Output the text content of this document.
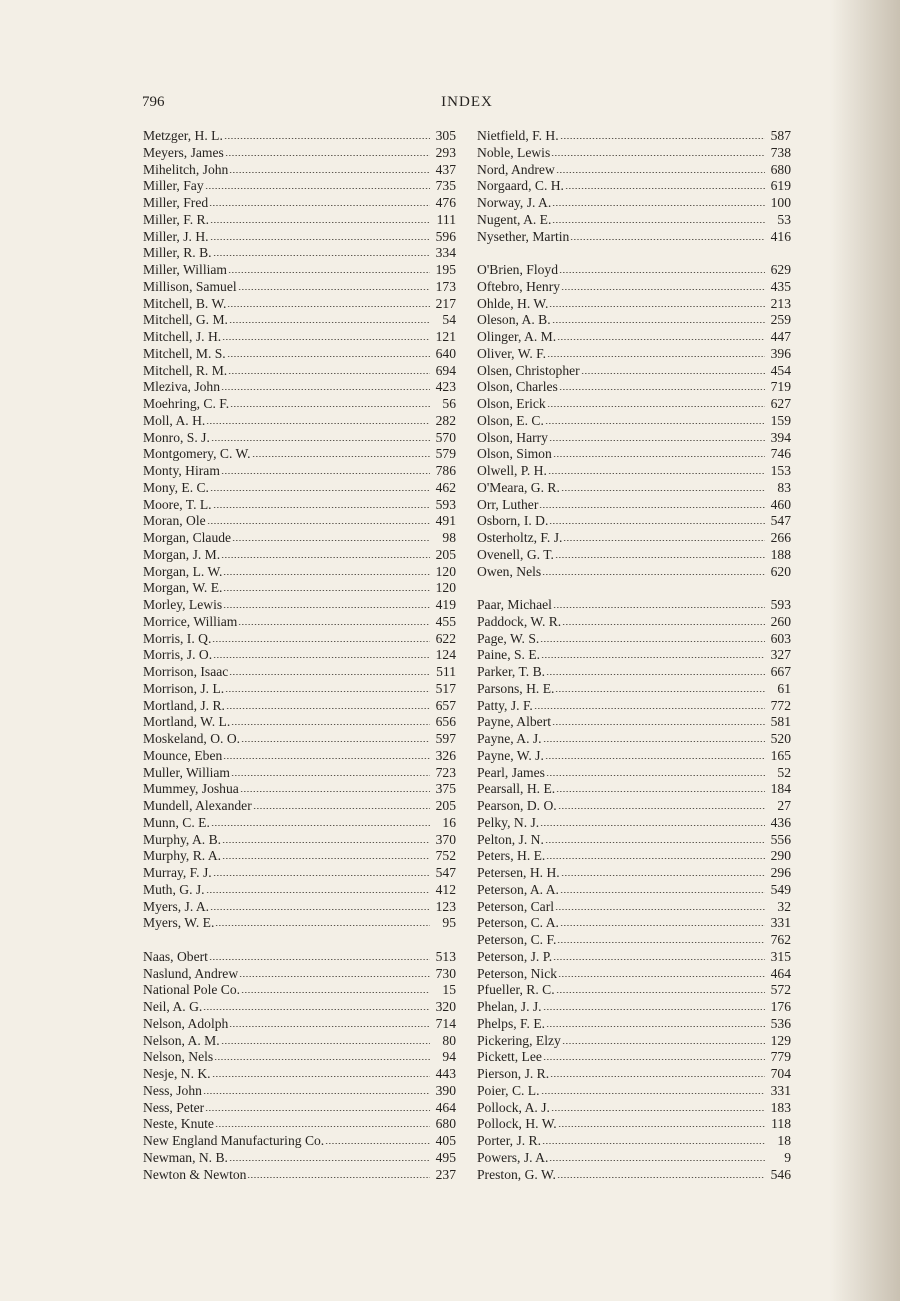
INDEX
796
Metzger, H. L.	305
Meyers, James	293
Mihelitch, John	437
Miller, Fay	735
Miller, Fred	476
Miller, F. R.	111
Miller, J. H.	596
Miller, R. B.	334
Miller, William	195
Millison, Samuel	173
Mitchell, B. W.	217
Mitchell, G. M.	54
Mitchell, J. H.	121
Mitchell, M. S.	640
Mitchell, R. M.	694
Mleziva, John	423
Moehring, C. F.	56
Moll, A. H.	282
Monro, S. J.	570
Montgomery, C. W.	579
Monty, Hiram	786
Mony, E. C.	462
Moore, T. L.	593
Moran, Ole	491
Morgan, Claude	98
Morgan, J. M.	205
Morgan, L. W.	120
Morgan, W. E.	120
Morley, Lewis	419
Morrice, William	455
Morris, I. Q.	622
Morris, J. O.	124
Morrison, Isaac	511
Morrison, J. L.	517
Mortland, J. R.	657
Mortland, W. L.	656
Moskeland, O. O.	597
Mounce, Eben	326
Muller, William	723
Mummey, Joshua	375
Mundell, Alexander	205
Munn, C. E.	16
Murphy, A. B.	370
Murphy, R. A.	752
Murray, F. J.	547
Muth, G. J.	412
Myers, J. A.	123
Myers, W. E.	95
Naas, Obert	513
Naslund, Andrew	730
National Pole Co.	15
Neil, A. G.	320
Nelson, Adolph	714
Nelson, A. M.	80
Nelson, Nels	94
Nesje, N. K.	443
Ness, John	390
Ness, Peter	464
Neste, Knute	680
New England Manufacturing Co.	405
Newman, N. B.	495
Newton & Newton	237
Nietfield, F. H.	587
Noble, Lewis	738
Nord, Andrew	680
Norgaard, C. H.	619
Norway, J. A.	100
Nugent, A. E.	53
Nysether, Martin	416
O'Brien, Floyd	629
Oftebro, Henry	435
Ohlde, H. W.	213
Oleson, A. B.	259
Olinger, A. M.	447
Oliver, W. F.	396
Olsen, Christopher	454
Olson, Charles	719
Olson, Erick	627
Olson, E. C.	159
Olson, Harry	394
Olson, Simon	746
Olwell, P. H.	153
O'Meara, G. R.	83
Orr, Luther	460
Osborn, I. D.	547
Osterholtz, F. J.	266
Ovenell, G. T.	188
Owen, Nels	620
Paar, Michael	593
Paddock, W. R.	260
Page, W. S.	603
Paine, S. E.	327
Parker, T. B.	667
Parsons, H. E.	61
Patty, J. F.	772
Payne, Albert	581
Payne, A. J.	520
Payne, W. J.	165
Pearl, James	52
Pearsall, H. E.	184
Pearson, D. O.	27
Pelky, N. J.	436
Pelton, J. N.	556
Peters, H. E.	290
Petersen, H. H.	296
Peterson, A. A.	549
Peterson, Carl	32
Peterson, C. A.	331
Peterson, C. F.	762
Peterson, J. P.	315
Peterson, Nick	464
Pfueller, R. C.	572
Phelan, J. J.	176
Phelps, F. E.	536
Pickering, Elzy	129
Pickett, Lee	779
Pierson, J. R.	704
Poier, C. L.	331
Pollock, A. J.	183
Pollock, H. W.	118
Porter, J. R.	18
Powers, J. A.	9
Preston, G. W.	546
